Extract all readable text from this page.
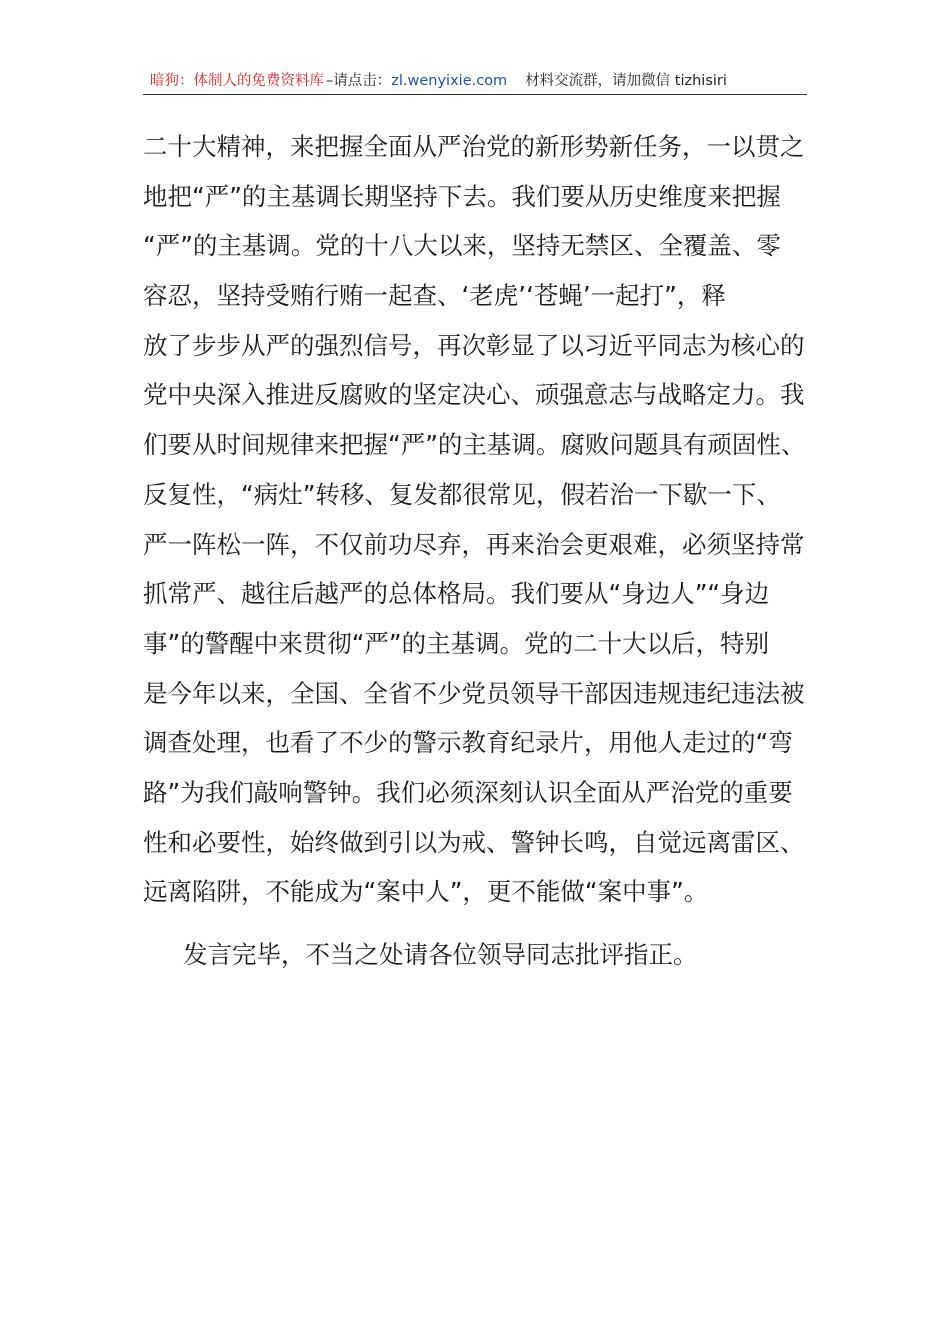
暗狗：体制人的免费资料库 –请点击：zl.wenyixie.com 材料交流群，请加微信 tizhisiri
二十大精神，来把握全面从严治党的新形势新任务，一以贯之
地把“严”的主基调长期坚持下去。我们要从历史维度来把握
“严”的主基调。党的十八大以来，坚持无禁区、全覆盖、零
容忍，坚持受贿行贿一起查、‘老虎’‘苍蝇’一起打”，释
放了步步从严的强烈信号，再次彰显了以习近平同志为核心的
党中央深入推进反腐败的坚定决心、顽强意志与战略定力。我
们要从时间规律来把握“严”的主基调。腐败问题具有顽固性、
反复性，“病灶”转移、复发都很常见，假若治一下歇一下、
严一阵松一阵，不仅前功尽弃，再来治会更艰难，必须坚持常
抓常严、越往后越严的总体格局。我们要从“身边人”“身边
事”的警醒中来贯彻“严”的主基调。党的二十大以后，特别
是今年以来，全国、全省不少党员领导干部因违规违纪违法被
调查处理，也看了不少的警示教育纪录片，用他人走过的“弯
路”为我们敲响警钟。我们必须深刻认识全面从严治党的重要
性和必要性，始终做到引以为戒、警钟长鸣，自觉远离雷区、
远离陷阱，不能成为“案中人”，更不能做“案中事”。
发言完毕，不当之处请各位领导同志批评指正。
